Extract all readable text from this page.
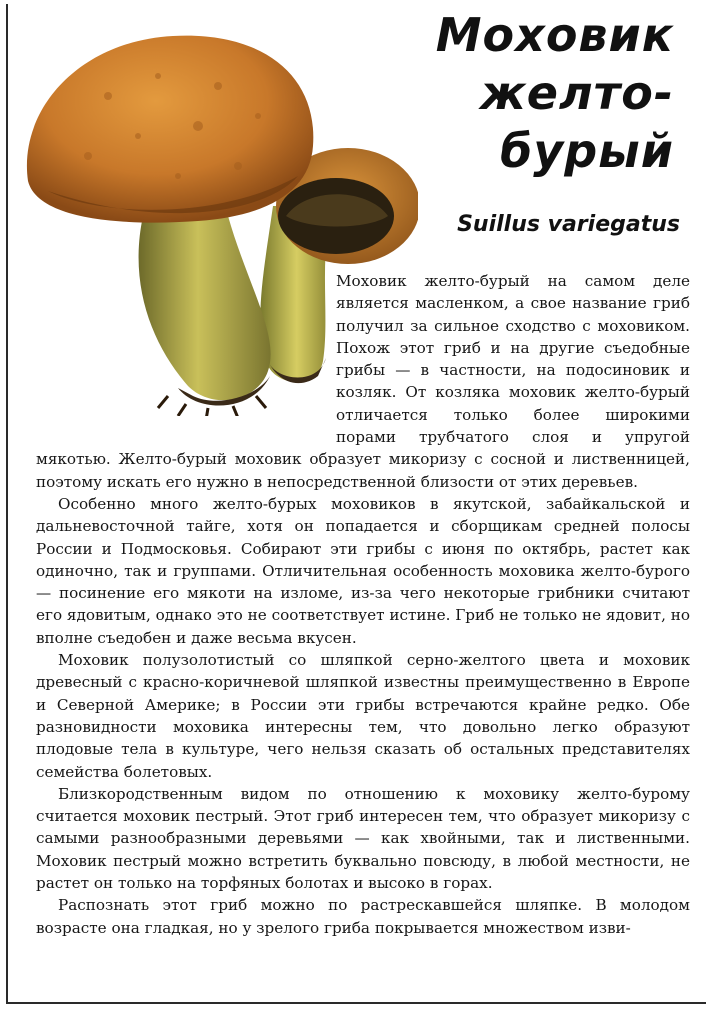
Моховик
желто-
бурый
Suillus variegatus

Моховик желто-бурый на самом деле является масленком, а свое название гриб получил за сильное сходство с моховиком. Похож этот гриб и на другие съедобные грибы — в частности, на подосиновик и козляк. От козляка моховик желто-бурый отличается только более широкими порами трубчатого слоя и упругой мякотью. Желто-бурый моховик образует микоризу с сосной и лиственницей, поэтому искать его нужно в непосредственной близости от этих деревьев.

Особенно много желто-бурых моховиков в якутской, забайкальской и дальневосточной тайге, хотя он попадается и сборщикам средней полосы России и Подмосковья. Собирают эти грибы с июня по октябрь, растет как одиночно, так и группами. Отличительная особенность моховика желто-бурого — посинение его мякоти на изломе, из-за чего некоторые грибники считают его ядовитым, однако это не соответствует истине. Гриб не только не ядовит, но вполне съедобен и даже весьма вкусен.

Моховик полузолотистый со шляпкой серно-желтого цвета и моховик древесный с красно-коричневой шляпкой известны преимущественно в Европе и Северной Америке; в России эти грибы встречаются крайне редко. Обе разновидности моховика интересны тем, что довольно легко образуют плодовые тела в культуре, чего нельзя сказать об остальных представителях семейства болетовых.

Близкородственным видом по отношению к моховику желто-бурому считается моховик пестрый. Этот гриб интересен тем, что образует микоризу с самыми разнообразными деревьями — как хвойными, так и лиственными. Моховик пестрый можно встретить буквально повсюду, в любой местности, не растет он только на торфяных болотах и высоко в горах.

Распознать этот гриб можно по растрескавшейся шляпке. В молодом возрасте она гладкая, но у зрелого гриба покрывается множеством изви-
